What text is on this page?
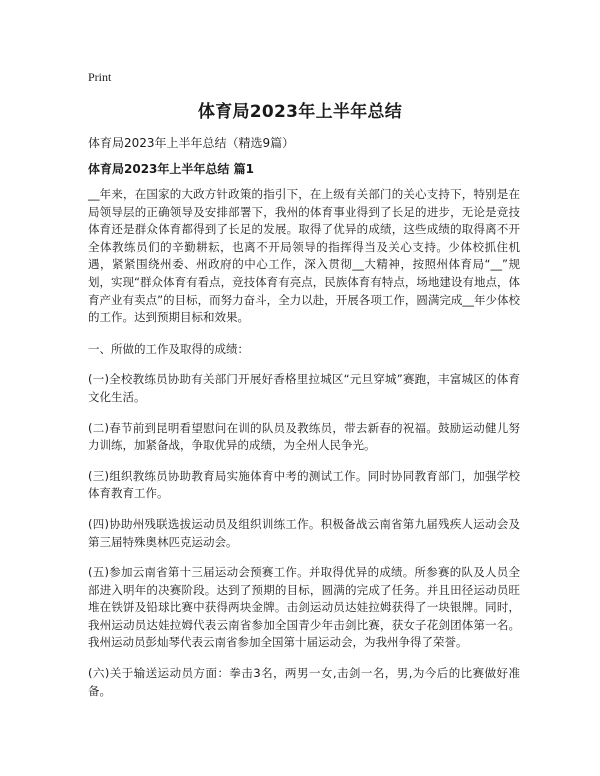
Print
体育局2023年上半年总结

体育局2023年上半年总结（精选9篇）

体育局2023年上半年总结 篇1

__年来，在国家的大政方针政策的指引下，在上级有关部门的关心支持下，特别是在局领导层的正确领导及安排部署下，我州的体育事业得到了长足的进步，无论是竞技体育还是群众体育都得到了长足的发展。取得了优异的成绩，这些成绩的取得离不开全体教练员们的辛勤耕耘，也离不开局领导的指挥得当及关心支持。少体校抓住机遇，紧紧围绕州委、州政府的中心工作，深入贯彻__大精神，按照州体育局“__”规划，实现“群众体育有看点，竞技体育有亮点，民族体育有特点，场地建设有地点，体育产业有卖点”的目标，而努力奋斗，全力以赴，开展各项工作，圆满完成__年少体校的工作。达到预期目标和效果。

一、所做的工作及取得的成绩：

(一)全校教练员协助有关部门开展好香格里拉城区“元旦穿城”赛跑，丰富城区的体育文化生活。

(二)春节前到昆明看望慰问在训的队员及教练员，带去新春的祝福。鼓励运动健儿努力训练，加紧备战，争取优异的成绩，为全州人民争光。

(三)组织教练员协助教育局实施体育中考的测试工作。同时协同教育部门，加强学校体育教育工作。

(四)协助州残联选拔运动员及组织训练工作。积极备战云南省第九届残疾人运动会及第三届特殊奥林匹克运动会。

(五)参加云南省第十三届运动会预赛工作。并取得优异的成绩。所参赛的队及人员全部进入明年的决赛阶段。达到了预期的目标，圆满的完成了任务。并且田径运动员旺堆在铁饼及铅球比赛中获得两块金牌。击剑运动员达娃拉姆获得了一块银牌。同时，我州运动员达娃拉姆代表云南省参加全国青少年击剑比赛，获女子花剑团体第一名。我州运动员彭灿琴代表云南省参加全国第十届运动会，为我州争得了荣誉。

(六)关于输送运动员方面：拳击3名，两男一女,击剑一名，男,为今后的比赛做好准备。
